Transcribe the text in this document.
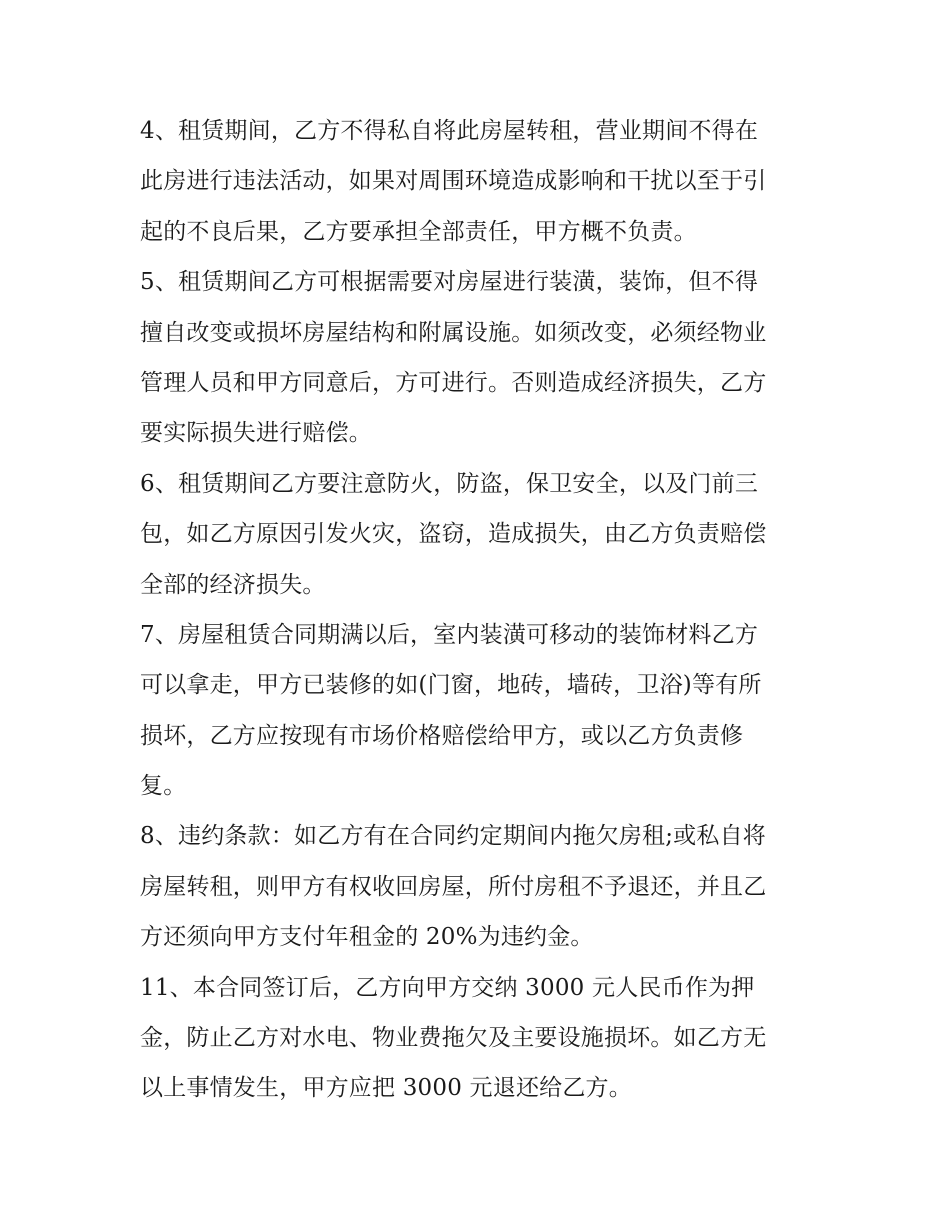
4、租赁期间，乙方不得私自将此房屋转租，营业期间不得在
此房进行违法活动，如果对周围环境造成影响和干扰以至于引
起的不良后果，乙方要承担全部责任，甲方概不负责。
5、租赁期间乙方可根据需要对房屋进行装潢，装饰，但不得
擅自改变或损坏房屋结构和附属设施。如须改变，必须经物业
管理人员和甲方同意后，方可进行。否则造成经济损失，乙方
要实际损失进行赔偿。
6、租赁期间乙方要注意防火，防盗，保卫安全，以及门前三
包，如乙方原因引发火灾，盗窃，造成损失，由乙方负责赔偿
全部的经济损失。
7、房屋租赁合同期满以后，室内装潢可移动的装饰材料乙方
可以拿走，甲方已装修的如(门窗，地砖，墙砖，卫浴)等有所
损坏，乙方应按现有市场价格赔偿给甲方，或以乙方负责修
复。
8、违约条款：如乙方有在合同约定期间内拖欠房租;或私自将
房屋转租，则甲方有权收回房屋，所付房租不予退还，并且乙
方还须向甲方支付年租金的 20%为违约金。
11、本合同签订后，乙方向甲方交纳 3000 元人民币作为押
金，防止乙方对水电、物业费拖欠及主要设施损坏。如乙方无
以上事情发生，甲方应把 3000 元退还给乙方。
